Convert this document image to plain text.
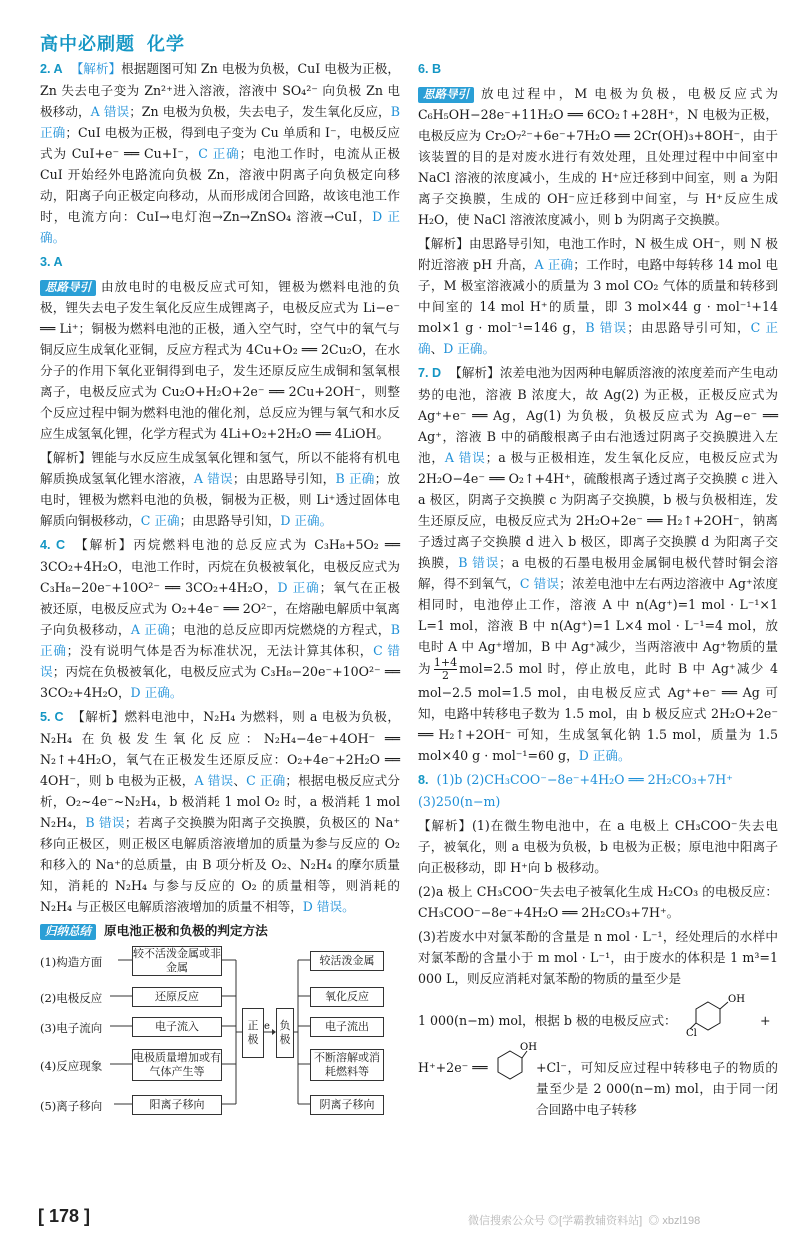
高中必刷题  化学

2. A 【解析】根据题图可知 Zn 电极为负极，CuI 电极为正极，Zn 失去电子变为 Zn²⁺进入溶液，溶液中 SO₄²⁻ 向负极 Zn 电极移动，A 错误；Zn 电极为负极，失去电子，发生氧化反应，B 正确；CuI 电极为正极，得到电子变为 Cu 单质和 I⁻，电极反应式为 CuI+e⁻ ══ Cu+I⁻，C 正确；电池工作时，电流从正极 CuI 开始经外电路流向负极 Zn，溶液中阴离子向负极定向移动，阳离子向正极定向移动，从而形成闭合回路，故该电池工作时，电流方向：CuI→电灯泡→Zn→ZnSO₄ 溶液→CuI，D 正确。

3. A

思路导引 由放电时的电极反应式可知，锂极为燃料电池的负极，锂失去电子发生氧化反应生成锂离子，电极反应式为 Li−e⁻ ══ Li⁺；铜极为燃料电池的正极，通入空气时，空气中的氧气与铜反应生成氧化亚铜，反应方程式为 4Cu+O₂ ══ 2Cu₂O，在水分子的作用下氧化亚铜得到电子，发生还原反应生成铜和氢氧根离子，电极反应式为 Cu₂O+H₂O+2e⁻ ══ 2Cu+2OH⁻，则整个反应过程中铜为燃料电池的催化剂，总反应为锂与氧气和水反应生成氢氧化锂，化学方程式为 4Li+O₂+2H₂O ══ 4LiOH。

【解析】锂能与水反应生成氢氧化锂和氢气，所以不能将有机电解质换成氢氧化锂水溶液，A 错误；由思路导引知，B 正确；放电时，锂极为燃料电池的负极，铜极为正极，则 Li⁺透过固体电解质向铜极移动，C 正确；由思路导引知，D 正确。

4. C 【解析】丙烷燃料电池的总反应式为 C₃H₈+5O₂ ══ 3CO₂+4H₂O，电池工作时，丙烷在负极被氧化，电极反应式为 C₃H₈−20e⁻+10O²⁻ ══ 3CO₂+4H₂O，D 正确；氧气在正极被还原，电极反应式为 O₂+4e⁻ ══ 2O²⁻，在熔融电解质中氧离子向负极移动，A 正确；电池的总反应即丙烷燃烧的方程式，B 正确；没有说明气体是否为标准状况，无法计算其体积，C 错误；丙烷在负极被氧化，电极反应式为 C₃H₈−20e⁻+10O²⁻ ══ 3CO₂+4H₂O，D 正确。

5. C 【解析】燃料电池中，N₂H₄ 为燃料，则 a 电极为负极，N₂H₄ 在负极发生氧化反应：N₂H₄−4e⁻+4OH⁻ ══ N₂↑+4H₂O，氧气在正极发生还原反应：O₂+4e⁻+2H₂O ══ 4OH⁻，则 b 电极为正极，A 错误、C 正确；根据电极反应式分析，O₂~4e⁻~N₂H₄，b 极消耗 1 mol O₂ 时，a 极消耗 1 mol N₂H₄，B 错误；若离子交换膜为阳离子交换膜，负极区的 Na⁺移向正极区，则正极区电解质溶液增加的质量为参与反应的 O₂ 和移入的 Na⁺的总质量，由 B 项分析及 O₂、N₂H₄ 的摩尔质量知，消耗的 N₂H₄ 与参与反应的 O₂ 的质量相等，则消耗的 N₂H₄ 与正极区电解质溶液增加的质量不相等，D 错误。

归纳总结 原电池正极和负极的判定方法

(1)构造方面
(2)电极反应
(3)电子流向
(4)反应现象
(5)离子移向
较不活泼金属或非金属
还原反应
电子流入
电极质量增加或有气体产生等
阳离子移向
正极
e 负极
较活泼金属
氧化反应
电子流出
不断溶解或消耗燃料等
阴离子移向

6. B

思路导引 放电过程中，M 电极为负极，电极反应式为 C₆H₅OH−28e⁻+11H₂O ══ 6CO₂↑+28H⁺，N 电极为正极，电极反应为 Cr₂O₇²⁻+6e⁻+7H₂O ══ 2Cr(OH)₃+8OH⁻，由于该装置的目的是对废水进行有效处理，且处理过程中中间室中 NaCl 溶液的浓度减小，生成的 H⁺应迁移到中间室，则 a 为阳离子交换膜，生成的 OH⁻应迁移到中间室，与 H⁺反应生成 H₂O，使 NaCl 溶液浓度减小，则 b 为阴离子交换膜。

【解析】由思路导引知，电池工作时，N 极生成 OH⁻，则 N 极附近溶液 pH 升高，A 正确；工作时，电路中每转移 14 mol 电子，M 极室溶液减小的质量为 3 mol CO₂ 气体的质量和转移到中间室的 14 mol H⁺的质量，即 3 mol×44 g · mol⁻¹+14 mol×1 g · mol⁻¹=146 g，B 错误；由思路导引可知，C 正确、D 正确。

7. D 【解析】浓差电池为因两种电解质溶液的浓度差而产生电动势的电池，溶液 B 浓度大，故 Ag(2) 为正极，正极反应式为 Ag⁺+e⁻ ══ Ag，Ag(1) 为负极，负极反应式为 Ag−e⁻ ══ Ag⁺，溶液 B 中的硝酸根离子由右池透过阴离子交换膜进入左池，A 错误；a 极与正极相连，发生氧化反应，电极反应式为 2H₂O−4e⁻ ══ O₂↑+4H⁺，硫酸根离子透过离子交换膜 c 进入 a 极区，阴离子交换膜 c 为阴离子交换膜，b 极与负极相连，发生还原反应，电极反应式为 2H₂O+2e⁻ ══ H₂↑+2OH⁻，钠离子透过离子交换膜 d 进入 b 极区，即离子交换膜 d 为阳离子交换膜，B 错误；a 电极的石墨电极用金属铜电极代替时铜会溶解，得不到氧气，C 错误；浓差电池中左右两边溶液中 Ag⁺浓度相同时，电池停止工作，溶液 A 中 n(Ag⁺)=1 mol · L⁻¹×1 L=1 mol，溶液 B 中 n(Ag⁺)=1 L×4 mol · L⁻¹=4 mol，放电时 A 中 Ag⁺增加，B 中 Ag⁺减少，当两溶液中 Ag⁺物质的量为 $\frac{1+4}{2} mol=2.5$ mol 时，停止放电，此时 B 中 Ag⁺减少 4 mol−2.5 mol=1.5 mol，由电极反应式 Ag⁺+e⁻ ══ Ag 可知，电路中转移电子数为 1.5 mol，由 b 极反应式 2H₂O+2e⁻ ══ H₂↑+2OH⁻ 可知，生成氢氧化钠 1.5 mol，质量为 1.5 mol×40 g · mol⁻¹=60 g，D 正确。

8. (1)b (2)CH₃COO⁻−8e⁻+4H₂O ══ 2H₂CO₃+7H⁺
(3)250(n−m)

【解析】(1)在微生物电池中，在 a 电极上 CH₃COO⁻失去电子，被氧化，则 a 电极为负极，b 电极为正极；原电池中阳离子向正极移动，即 H⁺向 b 极移动。

(2)a 极上 CH₃COO⁻失去电子被氧化生成 H₂CO₃ 的电极反应：CH₃COO⁻−8e⁻+4H₂O ══ 2H₂CO₃+7H⁺。

(3)若废水中对氯苯酚的含量是 n mol · L⁻¹，经处理后的水样中对氯苯酚的含量小于 m mol · L⁻¹，由于废水的体积是 1 m³=1 000 L，则反应消耗对氯苯酚的物质的量至少是

1 000(n−m) mol，根据 b 极的电极反应式：
OH
Cl
+

H⁺+2e⁻ ══
OH
+Cl⁻，可知反应过程中转移电子的物质的量至少是 2 000(n−m) mol，由于同一闭合回路中电子转移

[ 178 ]	微信搜索公众号 ◎[学霸教辅资料站]  ◎ xbzl198
